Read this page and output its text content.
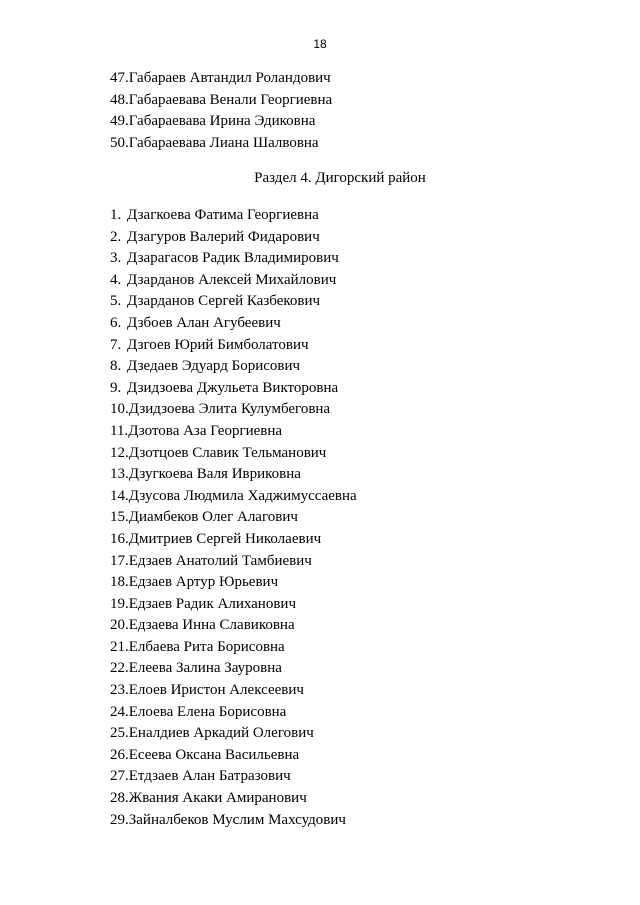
18
47.Габараев Автандил Роландович
48.Габараевава Венали Георгиевна
49.Габараевава Ирина Эдиковна
50.Габараевава Лиана Шалвовна
Раздел 4. Дигорский район
1. Дзагкоева Фатима Георгиевна
2. Дзагуров Валерий Фидарович
3. Дзарагасов Радик Владимирович
4. Дзарданов Алексей Михайлович
5. Дзарданов Сергей Казбекович
6. Дзбоев Алан Агубеевич
7. Дзгоев Юрий Бимболатович
8. Дзедаев Эдуард Борисович
9. Дзидзоева Джульета Викторовна
10.Дзидзоева Элита Кулумбеговна
11.Дзотова Аза Георгиевна
12.Дзотцоев Славик Тельманович
13.Дзугкоева Валя Ивриковна
14.Дзусова Людмила Хаджимуссаевна
15.Диамбеков Олег Алагович
16.Дмитриев Сергей Николаевич
17.Едзаев Анатолий Тамбиевич
18.Едзаев Артур Юрьевич
19.Едзаев Радик Алиханович
20.Едзаева Инна Славиковна
21.Елбаева Рита Борисовна
22.Елеева Залина Зауровна
23.Елоев Иристон Алексеевич
24.Елоева Елена Борисовна
25.Еналдиев Аркадий Олегович
26.Есеева Оксана Васильевна
27.Етдзаев Алан Батразович
28.Жвания Акаки Амиранович
29.Зайналбеков Муслим Махсудович
